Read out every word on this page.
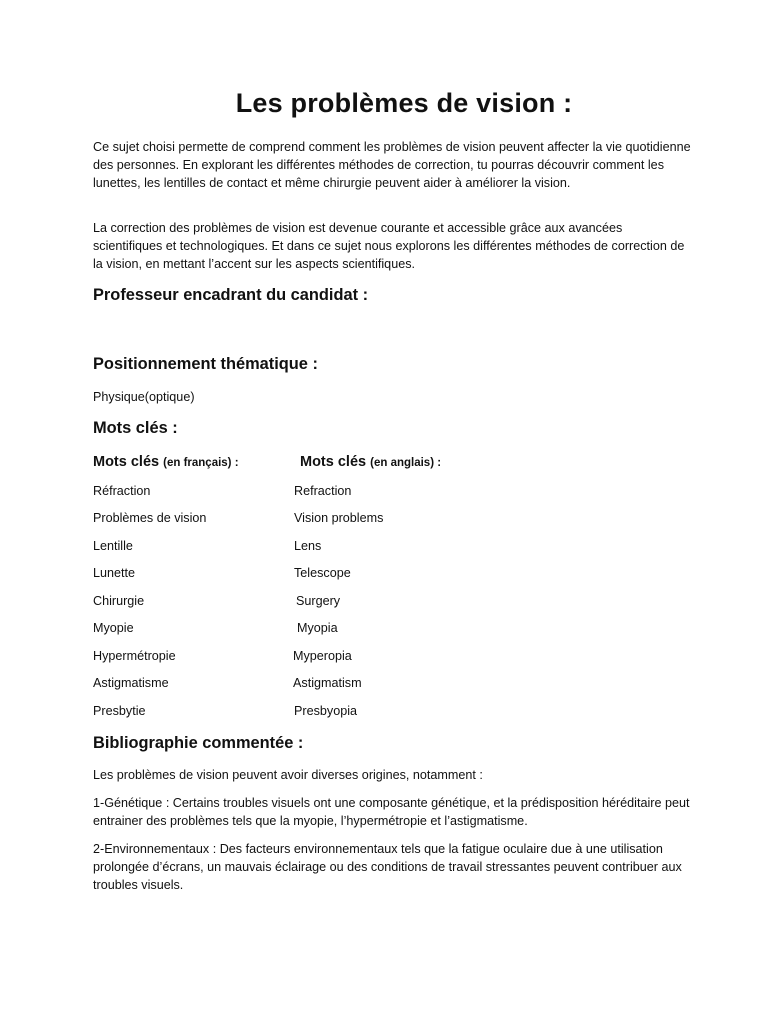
Les problèmes de vision :

Ce sujet choisi permette de comprend comment les problèmes de vision peuvent affecter la vie quotidienne des personnes. En explorant les différentes méthodes de correction, tu pourras découvrir comment les lunettes, les lentilles de contact et même chirurgie peuvent aider à améliorer la vision.

La correction des problèmes de vision est devenue courante et accessible grâce aux avancées scientifiques et technologiques. Et dans ce sujet nous explorons les différentes méthodes de correction de la vision, en mettant l’accent sur les aspects scientifiques.

Professeur encadrant du candidat :
Positionnement thématique :
Physique(optique)
Mots clés :
Mots clés (en français) :	Mots clés (en anglais) :
Réfraction	Refraction
Problèmes de vision	Vision problems
Lentille	Lens
Lunette	Telescope
Chirurgie	Surgery
Myopie	Myopia
Hypermétropie	Myperopia
Astigmatisme	Astigmatism
Presbytie	Presbyopia
Bibliographie commentée :

Les problèmes de vision peuvent avoir diverses origines, notamment :

1-Génétique : Certains troubles visuels ont une composante génétique, et la prédisposition héréditaire peut entrainer des problèmes tels que la myopie, l’hypermétropie et l’astigmatisme.

2-Environnementaux : Des facteurs environnementaux tels que la fatigue oculaire due à une utilisation prolongée d’écrans, un mauvais éclairage ou des conditions de travail stressantes peuvent contribuer aux troubles visuels.
